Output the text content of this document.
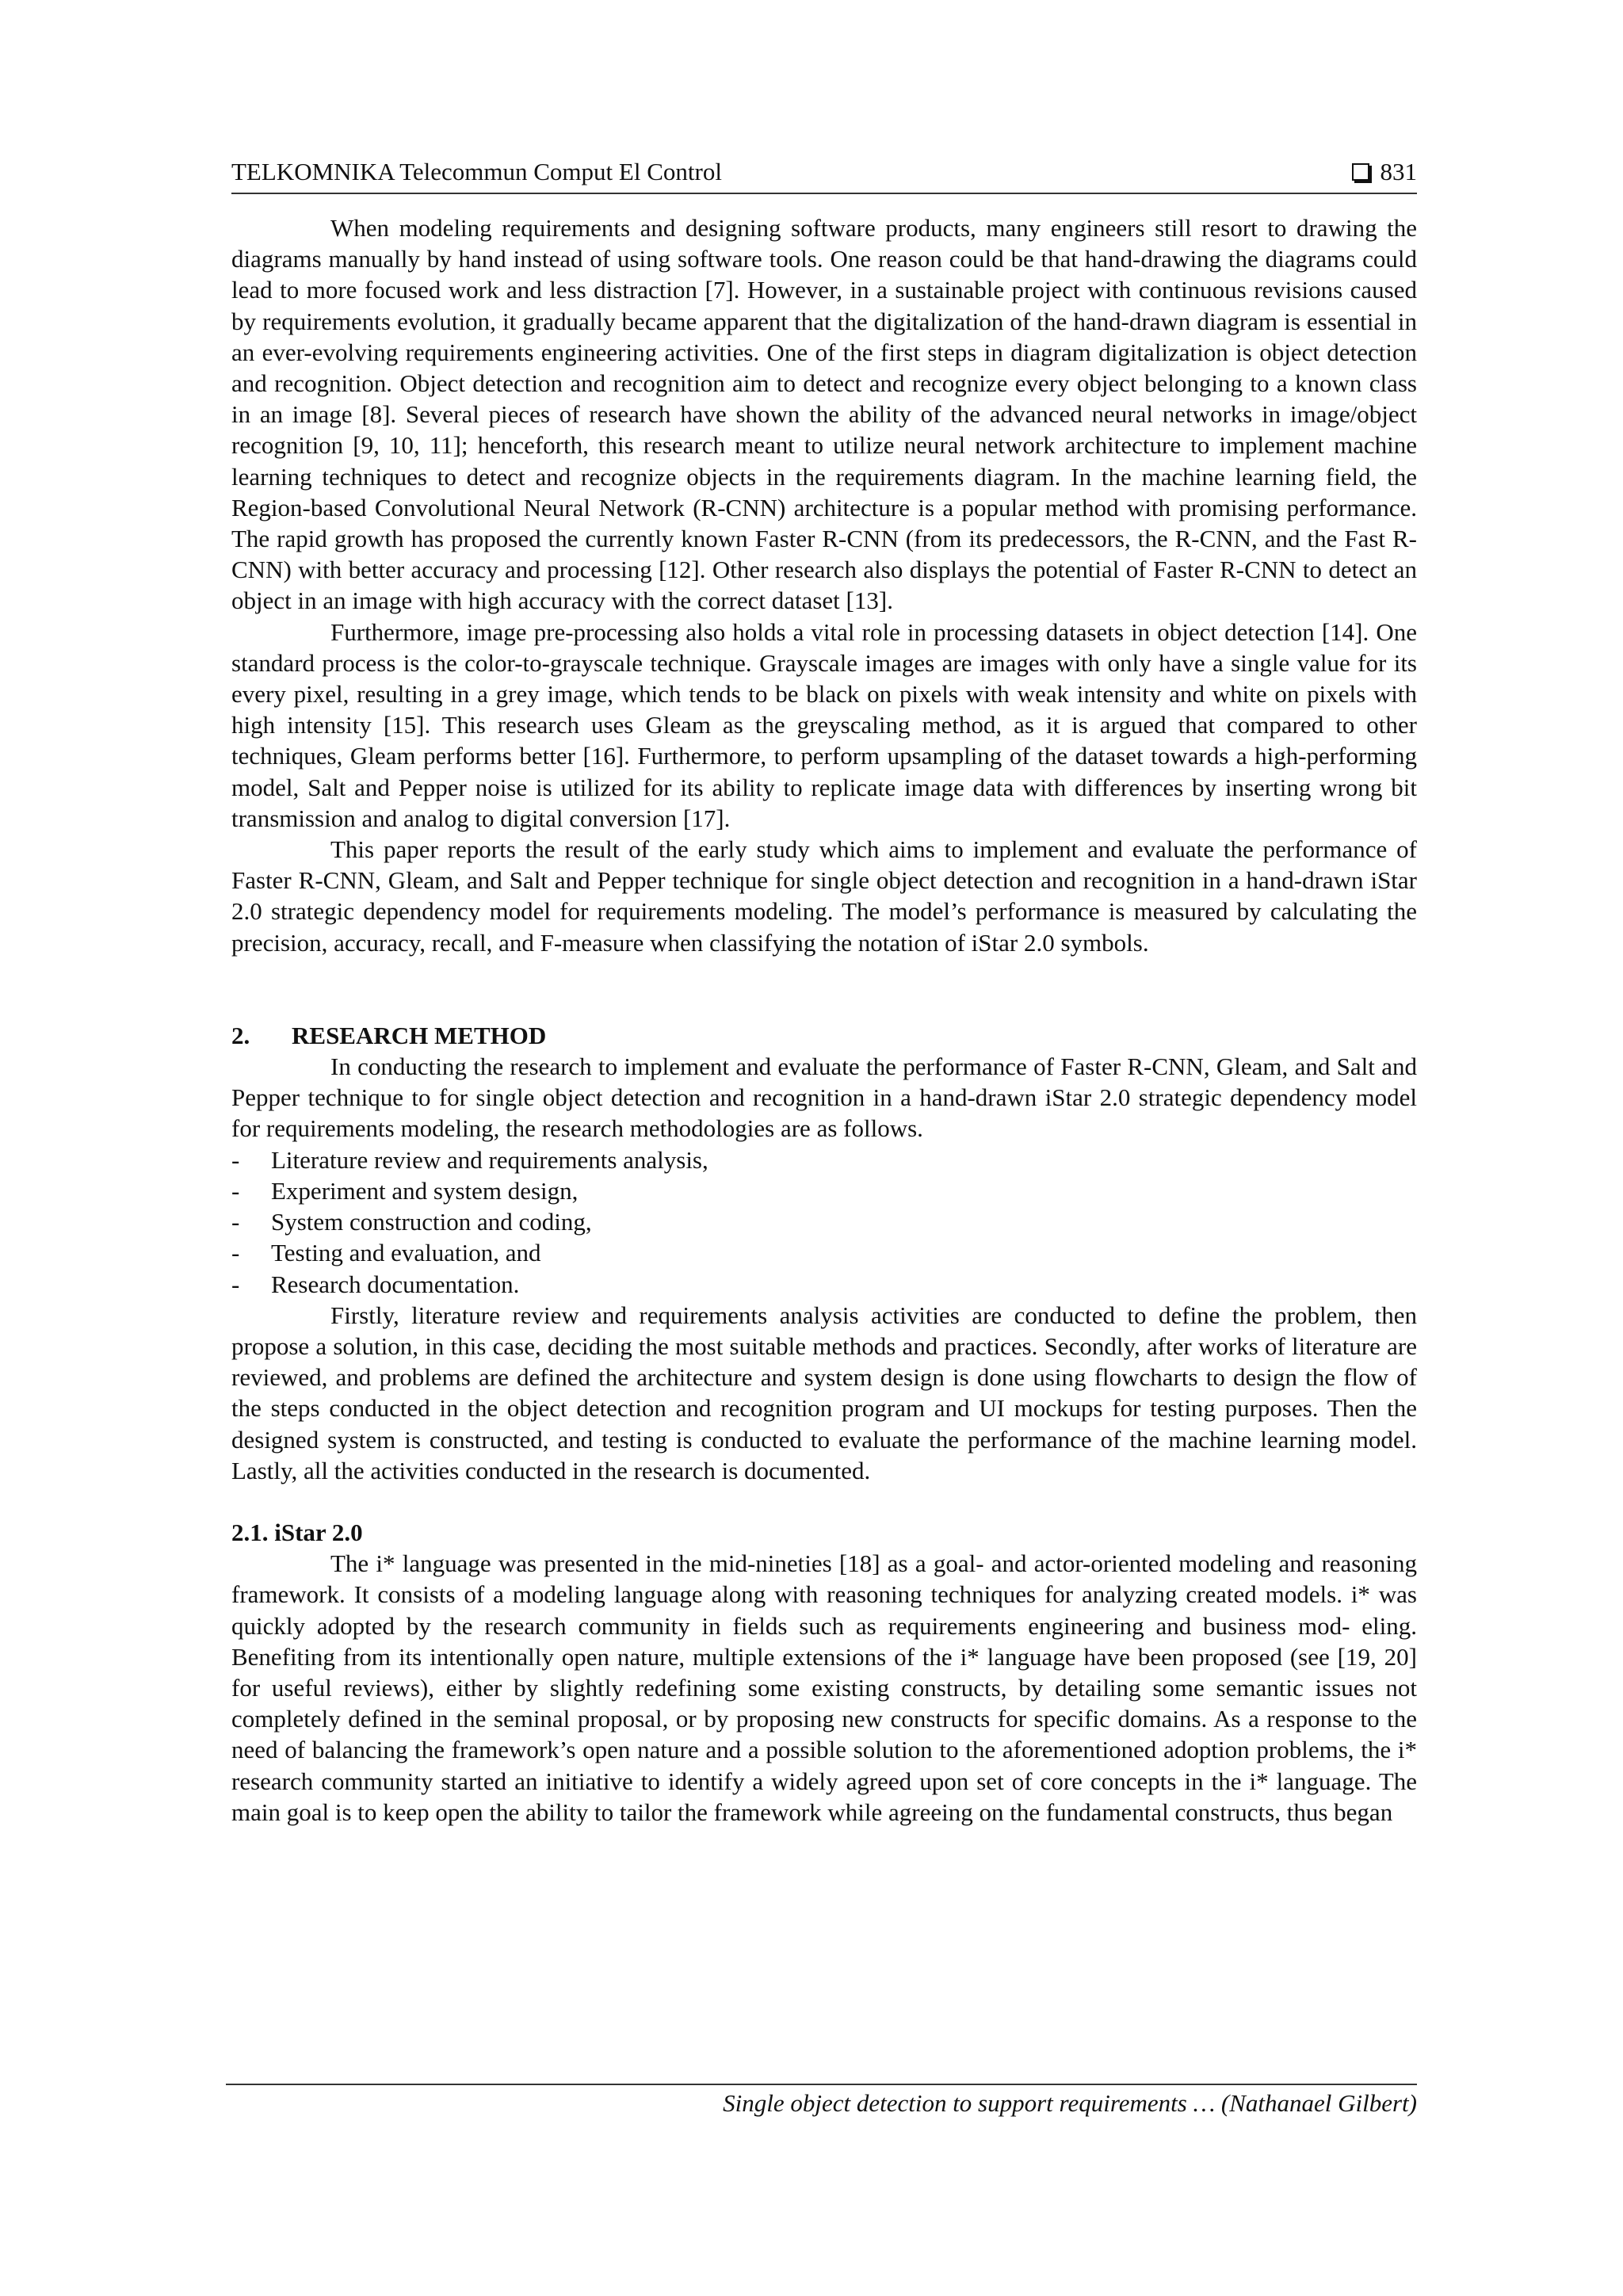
TELKOMNIKA Telecommun Comput El Control	831

When modeling requirements and designing software products, many engineers still resort to drawing the diagrams manually by hand instead of using software tools. One reason could be that hand-drawing the diagrams could lead to more focused work and less distraction [7]. However, in a sustainable project with continuous revisions caused by requirements evolution, it gradually became apparent that the digitalization of the hand-drawn diagram is essential in an ever-evolving requirements engineering activities. One of the first steps in diagram digitalization is object detection and recognition. Object detection and recognition aim to detect and recognize every object belonging to a known class in an image [8]. Several pieces of research have shown the ability of the advanced neural networks in image/object recognition [9, 10, 11]; henceforth, this research meant to utilize neural network architecture to implement machine learning techniques to detect and recognize objects in the requirements diagram. In the machine learning field, the Region-based Convolutional Neural Network (R-CNN) architecture is a popular method with promising performance. The rapid growth has proposed the currently known Faster R-CNN (from its predecessors, the R-CNN, and the Fast R-CNN) with better accuracy and processing [12]. Other research also displays the potential of Faster R-CNN to detect an object in an image with high accuracy with the correct dataset [13].

Furthermore, image pre-processing also holds a vital role in processing datasets in object detection [14]. One standard process is the color-to-grayscale technique. Grayscale images are images with only have a single value for its every pixel, resulting in a grey image, which tends to be black on pixels with weak intensity and white on pixels with high intensity [15]. This research uses Gleam as the greyscaling method, as it is argued that compared to other techniques, Gleam performs better [16]. Furthermore, to perform upsampling of the dataset towards a high-performing model, Salt and Pepper noise is utilized for its ability to replicate image data with differences by inserting wrong bit transmission and analog to digital conversion [17].

This paper reports the result of the early study which aims to implement and evaluate the performance of Faster R-CNN, Gleam, and Salt and Pepper technique for single object detection and recognition in a hand-drawn iStar 2.0 strategic dependency model for requirements modeling. The model’s performance is measured by calculating the precision, accuracy, recall, and F-measure when classifying the notation of iStar 2.0 symbols.

2. RESEARCH METHOD

In conducting the research to implement and evaluate the performance of Faster R-CNN, Gleam, and Salt and Pepper technique to for single object detection and recognition in a hand-drawn iStar 2.0 strategic dependency model for requirements modeling, the research methodologies are as follows.

-	Literature review and requirements analysis,
-	Experiment and system design,
-	System construction and coding,
-	Testing and evaluation, and
-	Research documentation.

Firstly, literature review and requirements analysis activities are conducted to define the problem, then propose a solution, in this case, deciding the most suitable methods and practices. Secondly, after works of literature are reviewed, and problems are defined the architecture and system design is done using flowcharts to design the flow of the steps conducted in the object detection and recognition program and UI mockups for testing purposes. Then the designed system is constructed, and testing is conducted to evaluate the performance of the machine learning model. Lastly, all the activities conducted in the research is documented.

2.1. iStar 2.0

The i* language was presented in the mid-nineties [18] as a goal- and actor-oriented modeling and reasoning framework. It consists of a modeling language along with reasoning techniques for analyzing created models. i* was quickly adopted by the research community in fields such as requirements engineering and business mod- eling. Benefiting from its intentionally open nature, multiple extensions of the i* language have been proposed (see [19, 20] for useful reviews), either by slightly redefining some existing constructs, by detailing some semantic issues not completely defined in the seminal proposal, or by proposing new constructs for specific domains. As a response to the need of balancing the framework’s open nature and a possible solution to the aforementioned adoption problems, the i* research community started an initiative to identify a widely agreed upon set of core concepts in the i* language. The main goal is to keep open the ability to tailor the framework while agreeing on the fundamental constructs, thus began

Single object detection to support requirements … (Nathanael Gilbert)
